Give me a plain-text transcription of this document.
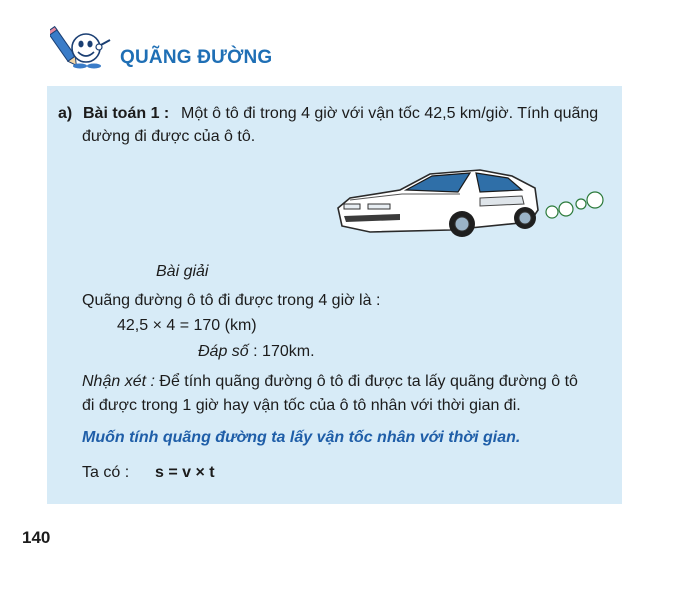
QUÃNG ĐƯỜNG
a) Bài toán 1 : Một ô tô đi trong 4 giờ với vận tốc 42,5 km/giờ. Tính quãng
đường đi được của ô tô.
Bài giải
Quãng đường ô tô đi được trong 4 giờ là :
42,5 × 4 = 170 (km)
Đáp số : 170km.
Nhận xét : Để tính quãng đường ô tô đi được ta lấy quãng đường ô tô
đi được trong 1 giờ hay vận tốc của ô tô nhân với thời gian đi.
Muốn tính quãng đường ta lấy vận tốc nhân với thời gian.
Ta có : s = v × t
140
